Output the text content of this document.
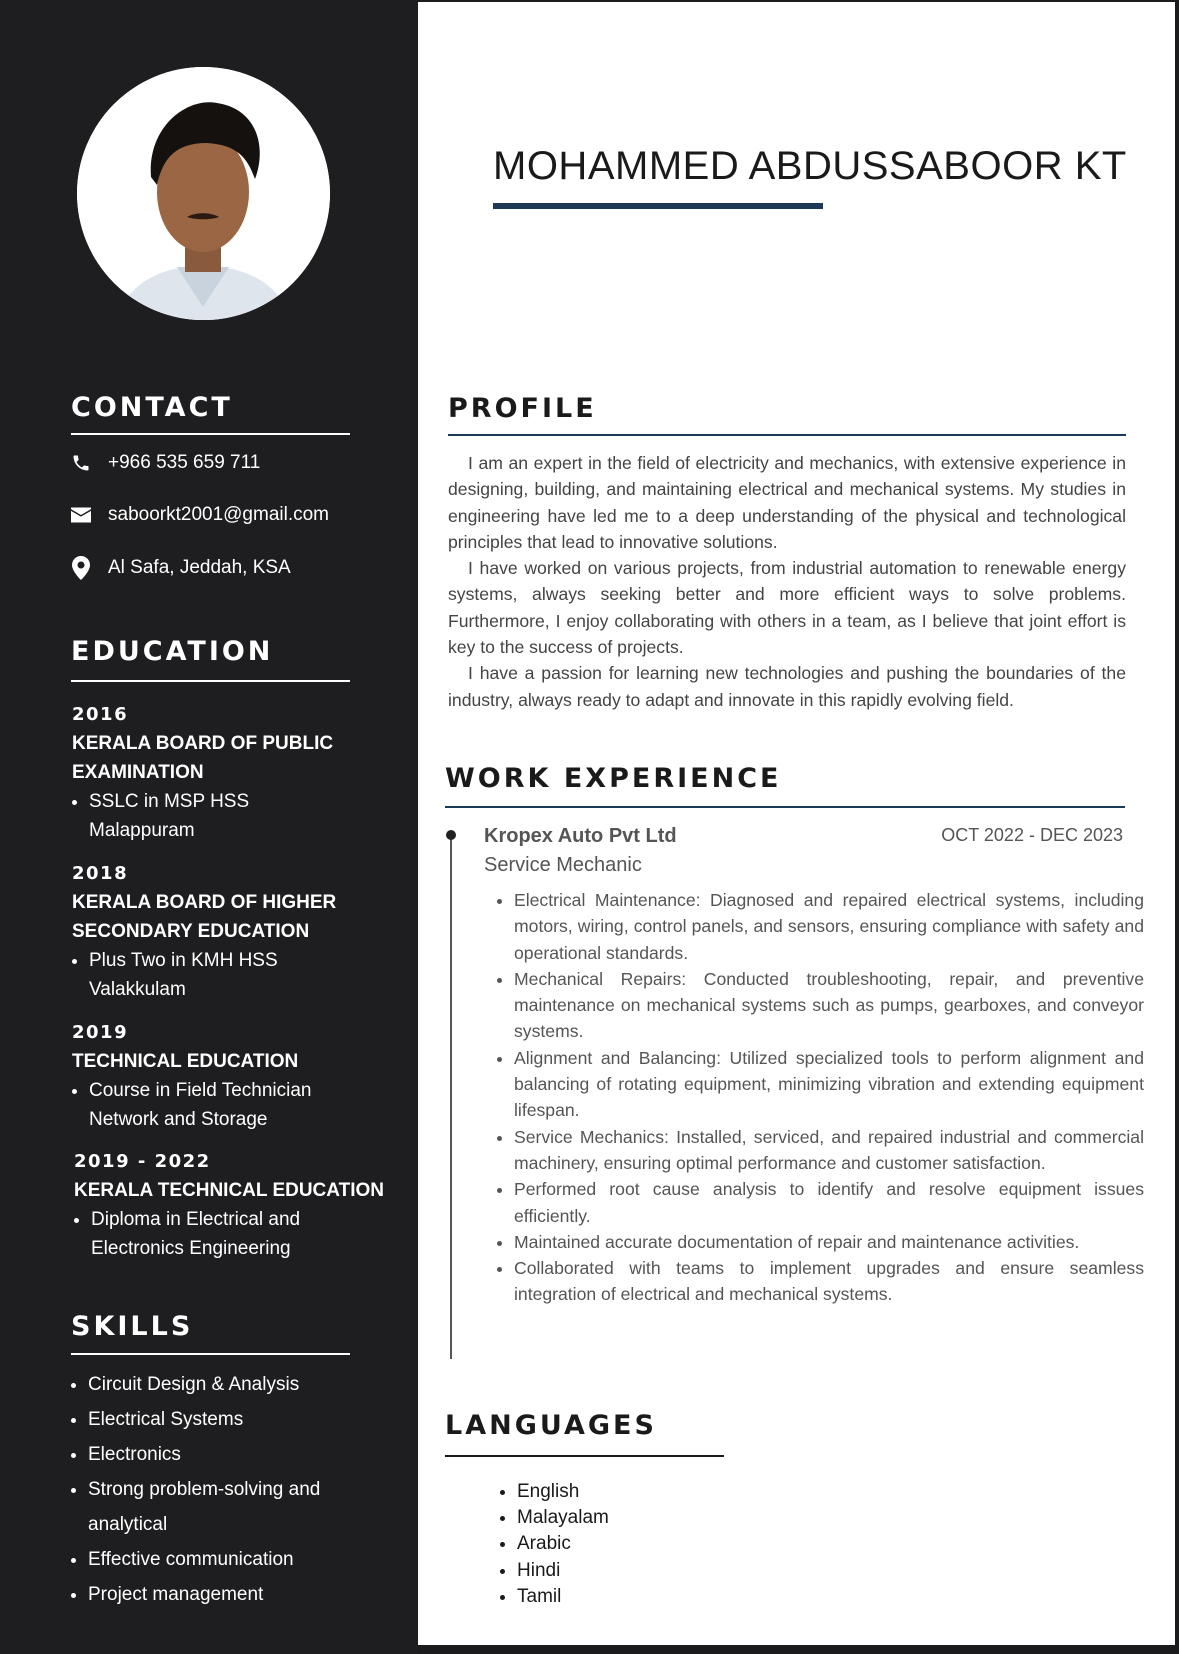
CONTACT
+966 535 659 711
saboorkt2001@gmail.com
Al Safa, Jeddah, KSA
EDUCATION
2016
KERALA BOARD OF PUBLIC
EXAMINATION
• SSLC in MSP HSS
Malappuram
2018
KERALA BOARD OF HIGHER
SECONDARY EDUCATION
• Plus Two in KMH HSS
Valakkulam
2019
TECHNICAL EDUCATION
• Course in Field Technician
Network and Storage
2019 - 2022
KERALA TECHNICAL EDUCATION
• Diploma in Electrical and
Electronics Engineering
SKILLS
• Circuit Design & Analysis
• Electrical Systems
• Electronics
• Strong problem-solving and
analytical
• Effective communication
• Project management
MOHAMMED ABDUSSABOOR KT
PROFILE

I am an expert in the field of electricity and mechanics, with extensive experience in designing, building, and maintaining electrical and mechanical systems. My studies in engineering have led me to a deep understanding of the physical and technological principles that lead to innovative solutions.

I have worked on various projects, from industrial automation to renewable energy systems, always seeking better and more efficient ways to solve problems. Furthermore, I enjoy collaborating with others in a team, as I believe that joint effort is key to the success of projects.

I have a passion for learning new technologies and pushing the boundaries of the industry, always ready to adapt and innovate in this rapidly evolving field.

WORK EXPERIENCE
Kropex Auto Pvt Ltd	OCT 2022 - DEC 2023
Service Mechanic
• Electrical Maintenance: Diagnosed and repaired electrical systems, including motors, wiring, control panels, and sensors, ensuring compliance with safety and operational standards.
• Mechanical Repairs: Conducted troubleshooting, repair, and preventive maintenance on mechanical systems such as pumps, gearboxes, and conveyor systems.
• Alignment and Balancing: Utilized specialized tools to perform alignment and balancing of rotating equipment, minimizing vibration and extending equipment lifespan.
• Service Mechanics: Installed, serviced, and repaired industrial and commercial machinery, ensuring optimal performance and customer satisfaction.
• Performed root cause analysis to identify and resolve equipment issues efficiently.
• Maintained accurate documentation of repair and maintenance activities.
• Collaborated with teams to implement upgrades and ensure seamless integration of electrical and mechanical systems.
LANGUAGES
• English
• Malayalam
• Arabic
• Hindi
• Tamil
